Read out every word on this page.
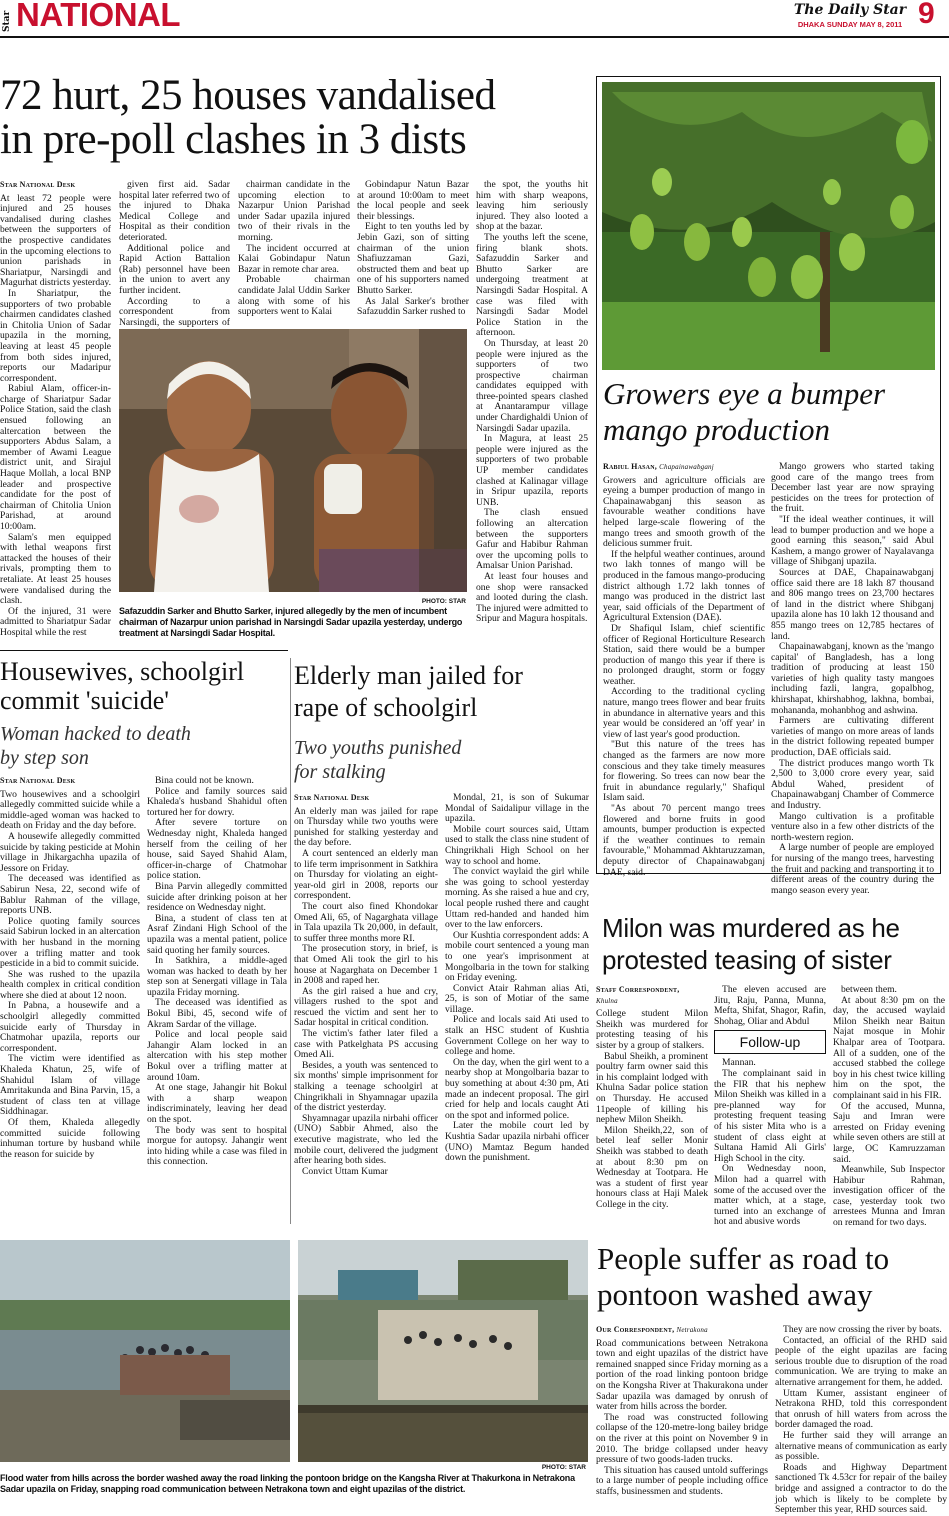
Star NATIONAL	The Daily Star
DHAKA SUNDAY MAY 8, 2011 9
72 hurt, 25 houses vandalised
in pre-poll clashes in 3 dists
Star National Desk

At least 72 people were injured and 25 houses vandalised during clashes between the supporters of the prospective candidates in the upcoming elections to union parishads in Shariatpur, Narsingdi and Magurhat districts yesterday.

In Shariatpur, the supporters of two probable chairmen candidates clashed in Chitolia Union of Sadar upazila in the morning, leaving at least 45 people from both sides injured, reports our Madaripur correspondent.

Rabiul Alam, officer-in-charge of Shariatpur Sadar Police Station, said the clash ensued following an altercation between the supporters Abdus Salam, a member of Awami League district unit, and Sirajul Haque Mollah, a local BNP leader and prospective candidate for the post of chairman of Chitolia Union Parishad, at around 10:00am.

Salam's men equipped with lethal weapons first attacked the houses of their rivals, prompting them to retaliate. At least 25 houses were vandalised during the clash.

Of the injured, 31 were admitted to Shariatpur Sadar Hospital while the rest

given first aid. Sadar hospital later referred two of the injured to Dhaka Medical College and Hospital as their condition deteriorated.

Additional police and Rapid Action Battalion (Rab) personnel have been in the union to avert any further incident.

According to a correspondent from Narsingdi, the supporters of

chairman candidate in the upcoming election to Nazarpur Union Parishad under Sadar upazila injured two of their rivals in the morning.

The incident occurred at Kalai Gobindapur Natun Bazar in remote char area.

Probable chairman candidate Jalal Uddin Sarker along with some of his supporters went to Kalai

Gobindapur Natun Bazar at around 10:00am to meet the local people and seek their blessings.

Eight to ten youths led by Jebin Gazi, son of sitting chairman of the union Shafiuzzaman Gazi, obstructed them and beat up one of his supporters named Bhutto Sarker.

As Jalal Sarker's brother Safazuddin Sarker rushed to

the spot, the youths hit him with sharp weapons, leaving him seriously injured. They also looted a shop at the bazar.

The youths left the scene, firing blank shots. Safazuddin Sarker and Bhutto Sarker are undergoing treatment at Narsingdi Sadar Hospital. A case was filed with Narsingdi Sadar Model Police Station in the afternoon.

On Thursday, at least 20 people were injured as the supporters of two prospective chairman candidates equipped with three-pointed spears clashed at Anantarampur village under Chardighaldi Union of Narsingdi Sadar upazila.

In Magura, at least 25 people were injured as the supporters of two probable UP member candidates clashed at Kalinagar village in Sripur upazila, reports UNB.

The clash ensued following an altercation between the supporters Gafur and Habibur Rahman over the upcoming polls to Amalsar Union Parishad.

At least four houses and one shop were ransacked and looted during the clash. The injured were admitted to Sripur and Magura hospitals.

PHOTO: STAR
Safazuddin Sarker and Bhutto Sarker, injured allegedly by the men of incumbent chairman of Nazarpur union parishad in Narsingdi Sadar upazila yesterday, undergo treatment at Narsingdi Sadar Hospital.
Growers eye a bumper
mango production
Rabiul Hasan, Chapainawabganj

Growers and agriculture officials are eyeing a bumper production of mango in Chapainawabganj this season as favourable weather conditions have helped large-scale flowering of the mango trees and smooth growth of the delicious summer fruit.

If the helpful weather continues, around two lakh tonnes of mango will be produced in the famous mango-producing district although 1.72 lakh tonnes of mango was produced in the district last year, said officials of the Department of Agricultural Extension (DAE).

Dr Shafiqul Islam, chief scientific officer of Regional Horticulture Research Station, said there would be a bumper production of mango this year if there is no prolonged draught, storm or foggy weather.

According to the traditional cycling nature, mango trees flower and bear fruits in abundance in alternative years and this year would be considered an 'off year' in view of last year's good production.

"But this nature of the trees has changed as the farmers are now more conscious and they take timely measures for flowering. So trees can now bear the fruit in abundance regularly," Shafiqul Islam said.

"As about 70 percent mango trees flowered and borne fruits in good amounts, bumper production is expected if the weather continues to remain favourable," Mohammad Akhtaruzzaman, deputy director of Chapainawabganj DAE, said.

Mango growers who started taking good care of the mango trees from December last year are now spraying pesticides on the trees for protection of the fruit.

"If the ideal weather continues, it will lead to bumper production and we hope a good earning this season," said Abul Kashem, a mango grower of Nayalavanga village of Shibganj upazila.

Sources at DAE, Chapainawabganj office said there are 18 lakh 87 thousand and 806 mango trees on 23,700 hectares of land in the district where Shibganj upazila alone has 10 lakh 12 thousand and 855 mango trees on 12,785 hectares of land.

Chapainawabganj, known as the 'mango capital' of Bangladesh, has a long tradition of producing at least 150 varieties of high quality tasty mangoes including fazli, langra, gopalbhog, khirshapat, khirshabhog, lakhna, bombai, mohananda, mohanbhog and ashwina.

Farmers are cultivating different varieties of mango on more areas of lands in the district following repeated bumper production, DAE officials said.

The district produces mango worth Tk 2,500 to 3,000 crore every year, said Abdul Wahed, president of Chapainawabganj Chamber of Commerce and Industry.

Mango cultivation is a profitable venture also in a few other districts of the north-western region.

A large number of people are employed for nursing of the mango trees, harvesting the fruit and packing and transporting it to different areas of the country during the mango season every year.

Housewives, schoolgirl
commit 'suicide'
Woman hacked to death
by step son
Star National Desk

Two housewives and a schoolgirl allegedly committed suicide while a middle-aged woman was hacked to death on Friday and the day before.

A housewife allegedly committed suicide by taking pesticide at Mohin village in Jhikargachha upazila of Jessore on Friday.

The deceased was identified as Sabirun Nesa, 22, second wife of Bablur Rahman of the village, reports UNB.

Police quoting family sources said Sabirun locked in an altercation with her husband in the morning over a trifling matter and took pesticide in a bid to commit suicide.

She was rushed to the upazila health complex in critical condition where she died at about 12 noon.

In Pabna, a housewife and a schoolgirl allegedly committed suicide early of Thursday in Chatmohar upazila, reports our correspondent.

The victim were identified as Khaleda Khatun, 25, wife of Shahidul Islam of village Amritakunda and Bina Parvin, 15, a student of class ten at village Siddhinagar.

Of them, Khaleda allegedly committed suicide following inhuman torture by husband while the reason for suicide by

Bina could not be known.

Police and family sources said Khaleda's husband Shahidul often tortured her for dowry.

After severe torture on Wednesday night, Khaleda hanged herself from the ceiling of her house, said Sayed Shahid Alam, officer-in-charge of Chatmohar police station.

Bina Parvin allegedly committed suicide after drinking poison at her residence on Wednesday night.

Bina, a student of class ten at Asraf Zindani High School of the upazila was a mental patient, police said quoting her family sources.

In Satkhira, a middle-aged woman was hacked to death by her step son at Senergati village in Tala upazila Friday morning.

The deceased was identified as Bokul Bibi, 45, second wife of Akram Sardar of the village.

Police and local people said Jahangir Alam locked in an altercation with his step mother Bokul over a trifling matter at around 10am.

At one stage, Jahangir hit Bokul with a sharp weapon indiscriminately, leaving her dead on the spot.

The body was sent to hospital morgue for autopsy. Jahangir went into hiding while a case was filed in this connection.

Elderly man jailed for
rape of schoolgirl
Two youths punished
for stalking
Star National Desk

An elderly man was jailed for rape on Thursday while two youths were punished for stalking yesterday and the day before.

A court sentenced an elderly man to life term imprisonment in Satkhira on Thursday for violating an eight-year-old girl in 2008, reports our correspondent.

The court also fined Khondokar Omed Ali, 65, of Nagarghata village in Tala upazila Tk 20,000, in default, to suffer three months more RI.

The prosecution story, in brief, is that Omed Ali took the girl to his house at Nagarghata on December 1 in 2008 and raped her.

As the girl raised a hue and cry, villagers rushed to the spot and rescued the victim and sent her to Sadar hospital in critical condition.

The victim's father later filed a case with Patkelghata PS accusing Omed Ali.

Besides, a youth was sentenced to six months' simple imprisonment for stalking a teenage schoolgirl at Chingrikhali in Shyamnagar upazila of the district yesterday.

Shyamnagar upazila nirbahi officer (UNO) Sabbir Ahmed, also the executive magistrate, who led the mobile court, delivered the judgment after hearing both sides.

Convict Uttam Kumar

Mondal, 21, is son of Sukumar Mondal of Saidalipur village in the upazila.

Mobile court sources said, Uttam used to stalk the class nine student of Chingrikhali High School on her way to school and home.

The convict waylaid the girl while she was going to school yesterday morning. As she raised a hue and cry, local people rushed there and caught Uttam red-handed and handed him over to the law enforcers.

Our Kushtia correspondent adds: A mobile court sentenced a young man to one year's imprisonment at Mongolbaria in the town for stalking on Friday evening.

Convict Atair Rahman alias Ati, 25, is son of Motiar of the same village.

Police and locals said Ati used to stalk an HSC student of Kushtia Government College on her way to college and home.

On the day, when the girl went to a nearby shop at Mongolbaria bazar to buy something at about 4:30 pm, Ati made an indecent proposal. The girl cried for help and locals caught Ati on the spot and informed police.

Later the mobile court led by Kushtia Sadar upazila nirbahi officer (UNO) Mamtaz Begum handed down the punishment.

Milon was murdered as he
protested teasing of sister
Staff Correspondent,
Khulna

College student Milon Sheikh was murdered for protesting teasing of his sister by a group of stalkers.

Babul Sheikh, a prominent poultry farm owner said this in his complaint lodged with Khulna Sadar police station on Thursday. He accused 11people of killing his nephew Milon Sheikh.

Milon Sheikh,22, son of betel leaf seller Monir Sheikh was stabbed to death at about 8:30 pm on Wednesday at Tootpara. He was a student of first year honours class at Haji Malek College in the city.

The eleven accused are Jitu, Raju, Panna, Munna, Mefta, Shifat, Shagor, Rafin, Shohag, Oliar and Abdul

Follow-up

Mannan.

The complainant said in the FIR that his nephew Milon Sheikh was killed in a pre-planned way for protesting frequent teasing of his sister Mita who is a student of class eight at Sultana Hamid Ali Girls' High School in the city.

On Wednesday noon, Milon had a quarrel with some of the accused over the matter which, at a stage, turned into an exchange of hot and abusive words

between them.

At about 8:30 pm on the day, the accused waylaid Milon Sheikh near Baitun Najat mosque in Mohir Khalpar area of Tootpara. All of a sudden, one of the accused stabbed the college boy in his chest twice killing him on the spot, the complainant said in his FIR.

Of the accused, Munna, Saju and Imran were arrested on Friday evening while seven others are still at large, OC Kamruzzaman said.

Meanwhile, Sub Inspector Habibur Rahman, investigation officer of the case, yesterday took two arrestees Munna and Imran on remand for two days.

PHOTO: STAR
Flood water from hills across the border washed away the road linking the pontoon bridge on the Kangsha River at Thakurkona in Netrakona Sadar upazila on Friday, snapping road communication between Netrakona town and eight upazilas of the district.
People suffer as road to
pontoon washed away
Our Correspondent, Netrakona

Road communications between Netrakona town and eight upazilas of the district have remained snapped since Friday morning as a portion of the road linking pontoon bridge on the Kongsha River at Thakurakona under Sadar upazila was damaged by onrush of water from hills across the border.

The road was constructed following collapse of the 120-metre-long bailey bridge on the river at this point on November 9 in 2010. The bridge collapsed under heavy pressure of two goods-laden trucks.

This situation has caused untold sufferings to a large number of people including office staffs, businessmen and students.

They are now crossing the river by boats.

Contacted, an official of the RHD said people of the eight upazilas are facing serious trouble due to disruption of the road communication. We are trying to make an alternative arrangement for them, he added.

Uttam Kumer, assistant engineer of Netrakona RHD, told this correspondent that onrush of hill waters from across the border damaged the road.

He further said they will arrange an alternative means of communication as early as possible.

Roads and Highway Department sanctioned Tk 4.53cr for repair of the bailey bridge and assigned a contractor to do the job which is likely to be complete by September this year, RHD sources said.
